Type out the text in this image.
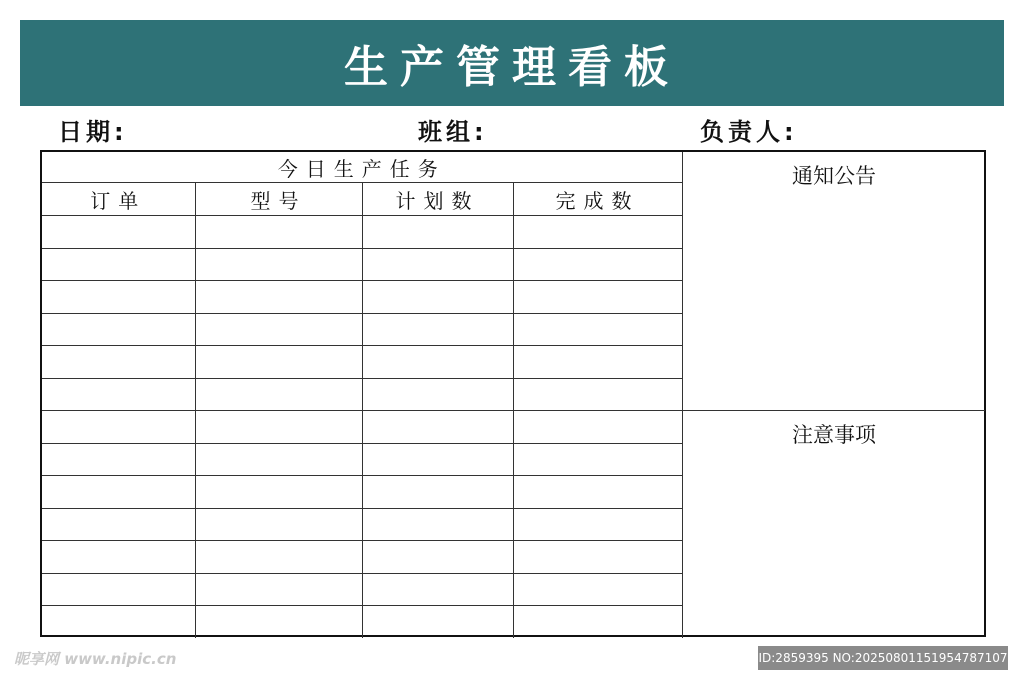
生产管理看板
日期:	班组:	负责人:
今日生产任务			
订单	型号	计划数	完成数

通知公告
注意事项
昵享网 www.nipic.cn	ID:2859395 NO:20250801151954787107
